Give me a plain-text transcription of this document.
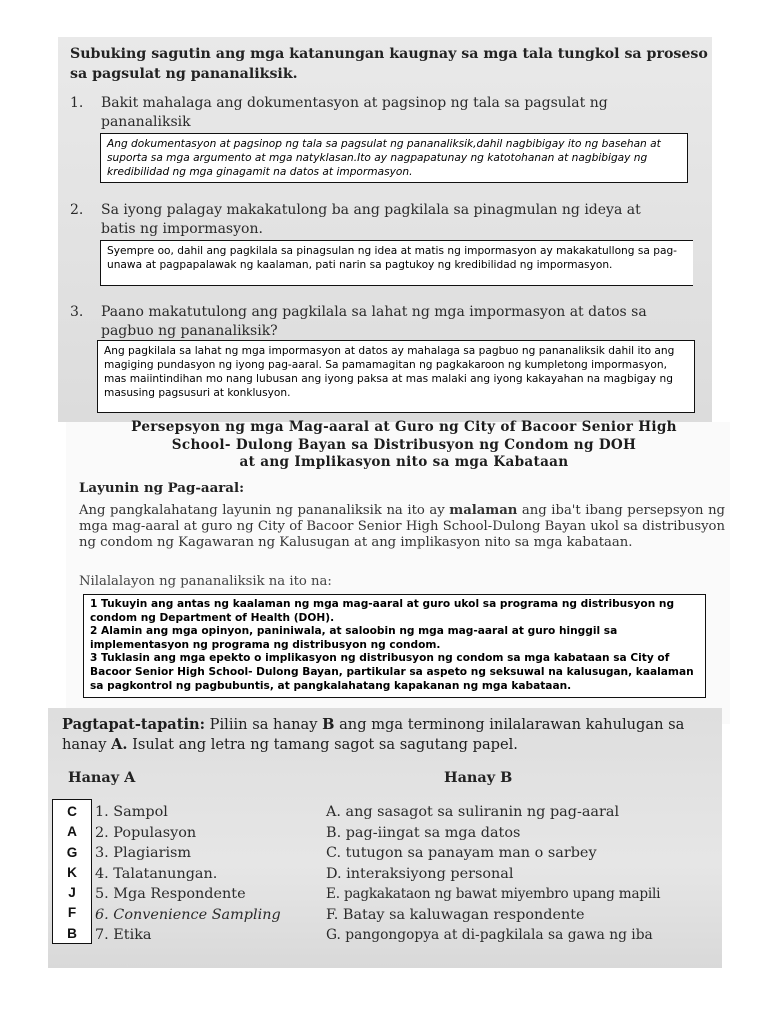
Subuking sagutin ang mga katanungan kaugnay sa mga tala tungkol sa proseso
sa pagsulat ng pananaliksik.
1. Bakit mahalaga ang dokumentasyon at pagsinop ng tala sa pagsulat ng
pananaliksik
Ang dokumentasyon at pagsinop ng tala sa pagsulat ng pananaliksik,dahil nagbibigay ito ng basehan at suporta sa mga argumento at mga natyklasan.Ito ay nagpapatunay ng katotohanan at nagbibigay ng kredibilidad ng mga ginagamit na datos at impormasyon.
2. Sa iyong palagay makakatulong ba ang pagkilala sa pinagmulan ng ideya at
batis ng impormasyon.
Syempre oo, dahil ang pagkilala sa pinagsulan ng idea at matis ng impormasyon ay makakatullong sa pag-unawa at pagpapalawak ng kaalaman, pati narin sa pagtukoy ng kredibilidad ng impormasyon.
3. Paano makatutulong ang pagkilala sa lahat ng mga impormasyon at datos sa
pagbuo ng pananaliksik?
Ang pagkilala sa lahat ng mga impormasyon at datos ay mahalaga sa pagbuo ng pananaliksik dahil ito ang magiging pundasyon ng iyong pag-aaral. Sa pamamagitan ng pagkakaroon ng kumpletong impormasyon, mas maiintindihan mo nang lubusan ang iyong paksa at mas malaki ang iyong kakayahan na magbigay ng masusing pagsusuri at konklusyon.
Persepsyon ng mga Mag-aaral at Guro ng City of Bacoor Senior High
School- Dulong Bayan sa Distribusyon ng Condom ng DOH
at ang Implikasyon nito sa mga Kabataan
Layunin ng Pag-aaral:
Ang pangkalahatang layunin ng pananaliksik na ito ay malaman ang iba't ibang persepsyon ng mga mag-aaral at guro ng City of Bacoor Senior High School-Dulong Bayan ukol sa distribusyon ng condom ng Kagawaran ng Kalusugan at ang implikasyon nito sa mga kabataan.
Nilalalayon ng pananaliksik na ito na:
1 Tukuyin ang antas ng kaalaman ng mga mag-aaral at guro ukol sa programa ng distribusyon ng condom ng Department of Health (DOH).
2 Alamin ang mga opinyon, paniniwala, at saloobin ng mga mag-aaral at guro hinggil sa implementasyon ng programa ng distribusyon ng condom.
3 Tuklasin ang mga epekto o implikasyon ng distribusyon ng condom sa mga kabataan sa City of Bacoor Senior High School- Dulong Bayan, partikular sa aspeto ng seksuwal na kalusugan, kaalaman sa pagkontrol ng pagbubuntis, at pangkalahatang kapakanan ng mga kabataan.
Pagtapat-tapatin: Piliin sa hanay B ang mga terminong inilalarawan kahulugan sa
hanay A. Isulat ang letra ng tamang sagot sa sagutang papel.
Hanay A	Hanay B
C
A
G
K
J
F
B
1. Sampol
2. Populasyon
3. Plagiarism
4. Talatanungan.
5. Mga Respondente
6. Convenience Sampling
7. Etika
A. ang sasagot sa suliranin ng pag-aaral
B. pag-iingat sa mga datos
C. tutugon sa panayam man o sarbey
D. interaksiyong personal
E. pagkakataon ng bawat miyembro upang mapili
F. Batay sa kaluwagan respondente
G. pangongopya at di-pagkilala sa gawa ng iba
